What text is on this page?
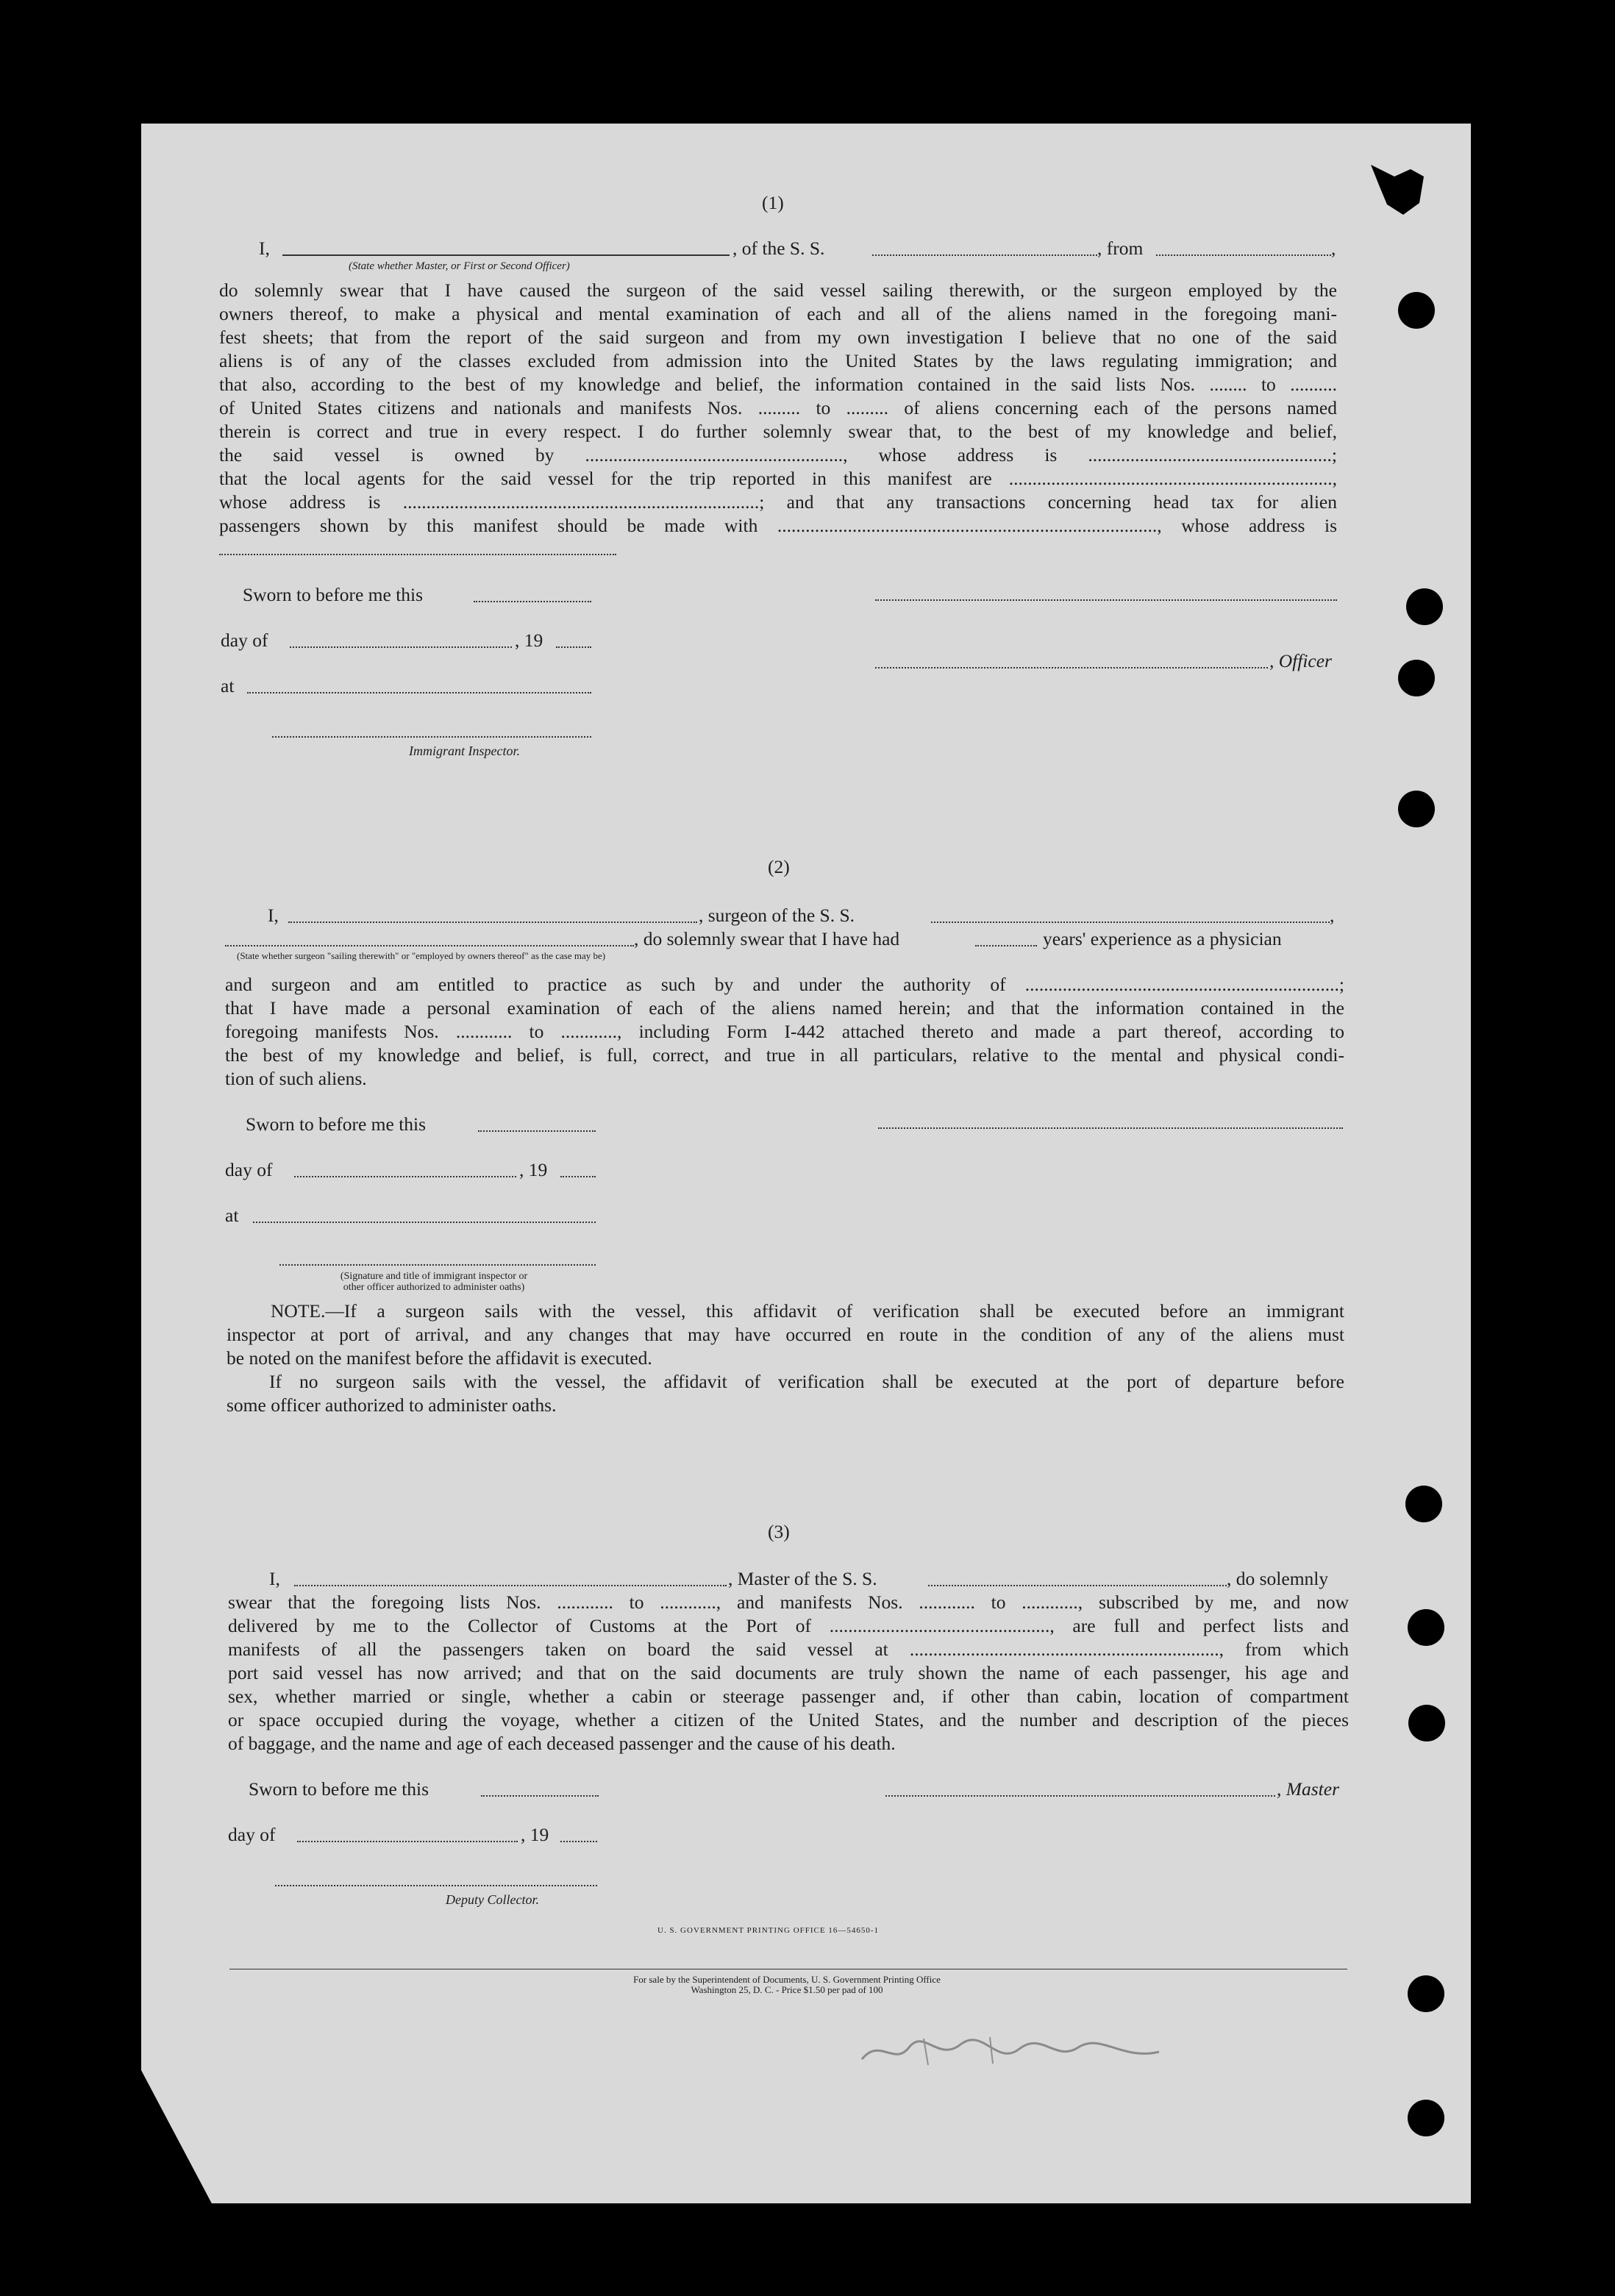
(1)
I,	, of the S. S.	, from	,
(State whether Master, or First or Second Officer)
do solemnly swear that I have caused the surgeon of the said vessel sailing therewith, or the surgeon employed by the
owners thereof, to make a physical and mental examination of each and all of the aliens named in the foregoing mani-
fest sheets; that from the report of the said surgeon and from my own investigation I believe that no one of the said
aliens is of any of the classes excluded from admission into the United States by the laws regulating immigration; and
that also, according to the best of my knowledge and belief, the information contained in the said lists Nos. ........ to ..........
of United States citizens and nationals and manifests Nos. ......... to ......... of aliens concerning each of the persons named
therein is correct and true in every respect. I do further solemnly swear that, to the best of my knowledge and belief,
the said vessel is owned by ......................................................., whose address is ....................................................;
that the local agents for the said vessel for the trip reported in this manifest are .....................................................................,
whose address is ............................................................................; and that any transactions concerning head tax for alien
passengers shown by this manifest should be made with ................................................................................., whose address is
Sworn to before me this
day of	, 19
, Officer
at
Immigrant Inspector.
(2)
I,	, surgeon of the S. S.	,
, do solemnly swear that I have had	years' experience as a physician
(State whether surgeon "sailing therewith" or "employed by owners thereof" as the case may be)
and surgeon and am entitled to practice as such by and under the authority of ...................................................................;
that I have made a personal examination of each of the aliens named herein; and that the information contained in the
foregoing manifests Nos. ............ to ............, including Form I-442 attached thereto and made a part thereof, according to
the best of my knowledge and belief, is full, correct, and true in all particulars, relative to the mental and physical condi-
tion of such aliens.
Sworn to before me this
day of	, 19
at
(Signature and title of immigrant inspector or
other officer authorized to administer oaths)
NOTE.—If a surgeon sails with the vessel, this affidavit of verification shall be executed before an immigrant
inspector at port of arrival, and any changes that may have occurred en route in the condition of any of the aliens must
be noted on the manifest before the affidavit is executed.
If no surgeon sails with the vessel, the affidavit of verification shall be executed at the port of departure before
some officer authorized to administer oaths.
(3)
I,	, Master of the S. S.	, do solemnly
swear that the foregoing lists Nos. ............ to ............, and manifests Nos. ............ to ............, subscribed by me, and now
delivered by me to the Collector of Customs at the Port of ..............................................., are full and perfect lists and
manifests of all the passengers taken on board the said vessel at .................................................................., from which
port said vessel has now arrived; and that on the said documents are truly shown the name of each passenger, his age and
sex, whether married or single, whether a cabin or steerage passenger and, if other than cabin, location of compartment
or space occupied during the voyage, whether a citizen of the United States, and the number and description of the pieces
of baggage, and the name and age of each deceased passenger and the cause of his death.
Sworn to before me this	, Master
day of	, 19
Deputy Collector.
U. S. GOVERNMENT PRINTING OFFICE 16—54650-1
For sale by the Superintendent of Documents, U. S. Government Printing Office
Washington 25, D. C. - Price $1.50 per pad of 100
